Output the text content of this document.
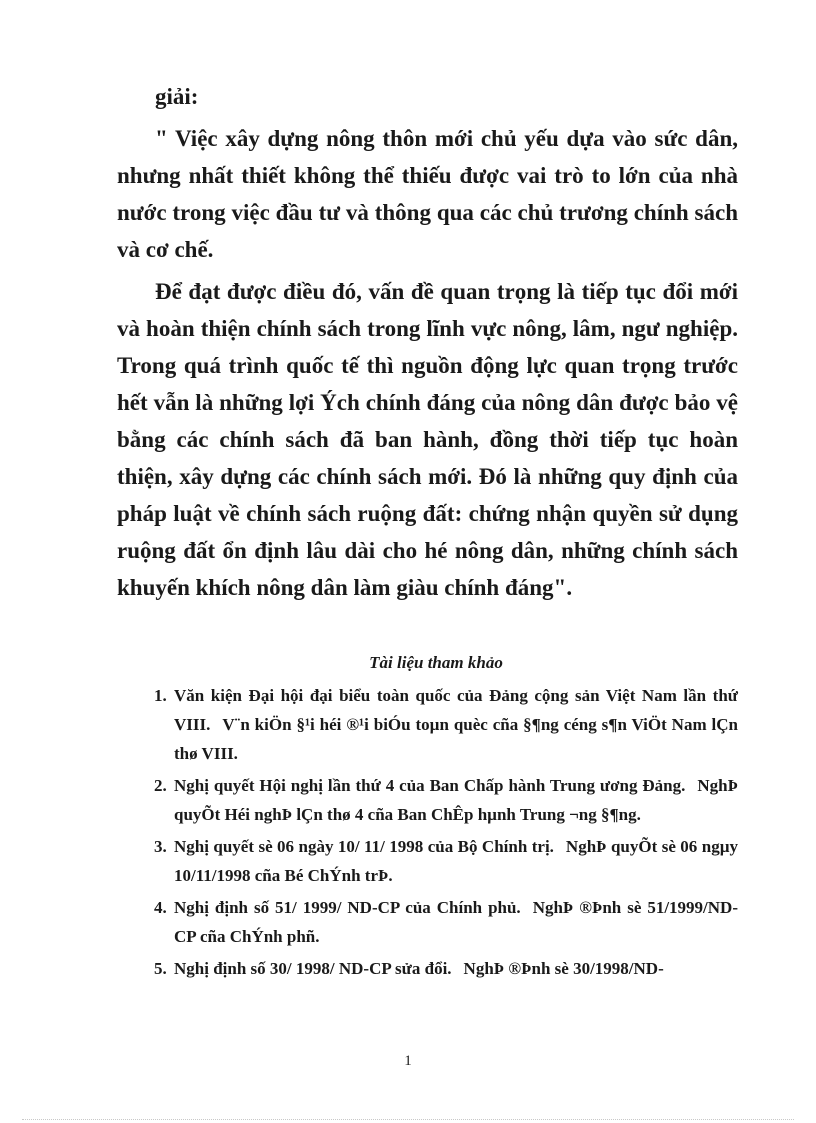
giải:

" Việc xây dựng nông thôn mới chủ yếu dựa vào sức dân, nhưng nhất thiết không thể thiếu được vai trò to lớn của nhà nước trong việc đầu tư và thông qua các chủ trương chính sách và cơ chế.

Để đạt được điều đó, vấn đề quan trọng là tiếp tục đổi mới và hoàn thiện chính sách trong lĩnh vực nông, lâm, ngư nghiệp. Trong quá trình quốc tế thì nguồn động lực quan trọng trước hết vẫn là những lợi Ých chính đáng của nông dân được bảo vệ bằng các chính sách đã ban hành, đồng thời tiếp tục hoàn thiện, xây dựng các chính sách mới. Đó là những quy định của pháp luật về chính sách ruộng đất: chứng nhận quyền sử dụng ruộng đất ổn định lâu dài cho hé nông dân, những chính sách khuyến khích nông dân làm giàu chính đáng".

Tài liệu tham khảo
1. Văn kiện Đại hội đại biểu toàn quốc của Đảng cộng sản Việt Nam lần thứ VIII. V¨n kiÖn §¹i héi ®¹i biÓu toµn quèc cña §¶ng céng s¶n ViÖt Nam lÇn thø VIII.
2. Nghị quyết Hội nghị lần thứ 4 của Ban Chấp hành Trung ương Đảng. NghÞ quyÕt Héi nghÞ lÇn thø 4 cña Ban ChÊp hµnh Trung ¬ng §¶ng.
3. Nghị quyết sè 06 ngày 10/ 11/ 1998 của Bộ Chính trị. NghÞ quyÕt sè 06 ngµy 10/11/1998 cña Bé ChÝnh trÞ.
4. Nghị định số 51/ 1999/ ND-CP của Chính phủ. NghÞ ®Þnh sè 51/1999/ND-CP cña ChÝnh phñ.
5. Nghị định số 30/ 1998/ ND-CP sửa đổi. NghÞ ®Þnh sè 30/1998/ND-
1
